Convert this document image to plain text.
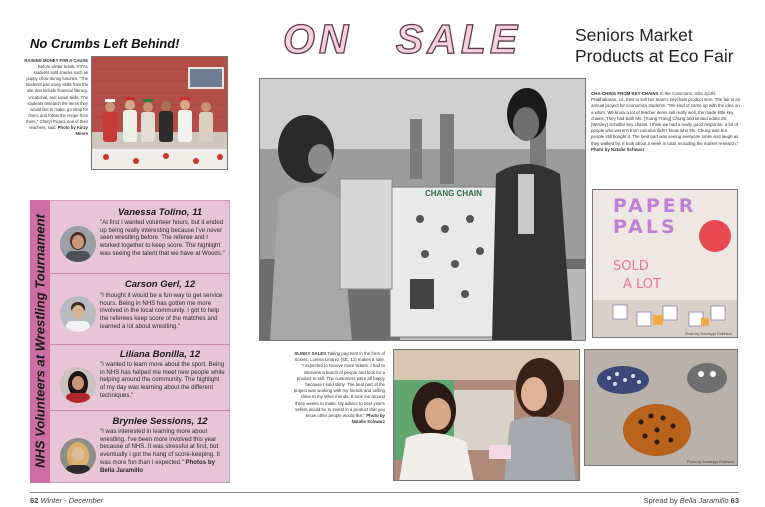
No Crumbs Left Behind!
RAISING MONEY FOR A CAUSE Before winter break, VITAL students sold snacks such as puppy chow during lunches. "The students pair many skills from the site that include financial literacy, vocational, and social skills. The students research the items they would like to make, go shop for them, and follow the recipe from there," Cheryl Picard, one of their teachers, said. Photo by Kinzy Moore
NHS Volunteers at Wrestling Tournament
Vanessa Tolino, 11
"At first I wanted volunteer hours, but it ended up being really interesting because I've never seen wrestling before. The referee and I worked together to keep score. The highlight was seeing the talent that we have at Woods."
Carson Gerl, 12
"I thought it would be a fun way to get service hours. Being in NHS has gotten me more involved in the local community. I got to help the referees keep score of the matches and learned a lot about wrestling."
Liliana Bonilla, 12
"I wanted to learn more about the sport. Being in NHS has helped me meet new people while helping around the community. The highlight of my day was learning about the different techniques."
Brynlee Sessions, 12
"I was interested in learning more about wrestling. I've been more involved this year because of NHS. It was stressful at first, but eventually I got the hang of score-keeping. It was more fun than I expected." Photos by Bella Jaramillo
62 Winter - December
ON SALE	Seniors Market Products at Eco Fair
CHANG CHAIN
CHA-CHING FROM KEY CHAINS In the Commons, Isha Jyothi Prabhakaran, 12, tries to sell her team's keychain product item. The fair is an annual project for economics students. "We kind of came up with the idea on a whim. We know a lot of teacher items sell really well, the made little key chains. They had both Ms. [Tuong-Trang] Chung and limited editor Mr. [Wesley] Schaffer key chains. I think we had a really good response, a lot of people who weren't from calculus didn't know who Ms. Chung was but people still bought it. The best part was seeing everyone smile and laugh as they walked by. It took about a week in total, including the market research." Photo by Natalie Schwarz
SOLD
A LOT
PAPER PALS
Photo by Sonneyya Robinson
SLINKY SALES Taking payment in the form of tickets, Lorena Linarez (SE, 12) makes a sale. "I expected to receive more tickets. I had to interview a bunch of people and look for a product to sell. The customers were all happy because I sold slimy. The best part of the project was working with my friends and selling slime to my other friends. It took me around three weeks to make. My advice to next year's sellers would be to invest in a product that you know other people would like." Photo by Natalie Schwarz
Photo by Sonneyya Robinson
Spread by Bella Jaramillo 63
